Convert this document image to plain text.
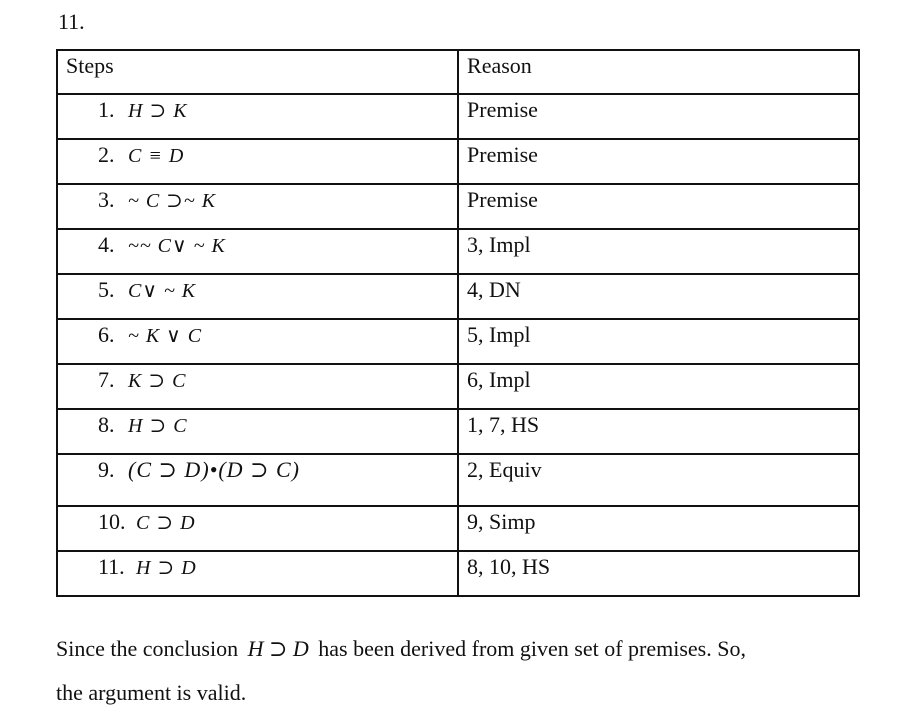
11.
Steps	Reason
1. H ⊃ K	Premise
2. C ≡ D	Premise
3. ~ C ⊃~ K	Premise
4. ~~ C∨ ~ K	3, Impl
5. C∨ ~ K	4, DN
6. ~ K ∨ C	5, Impl
7. K ⊃ C	6, Impl
8. H ⊃ C	1, 7, HS
9. (C ⊃ D)•(D ⊃ C)	2, Equiv
10. C ⊃ D	9, Simp
11. H ⊃ D	8, 10, HS

Since the conclusion H ⊃ D has been derived from given set of premises. So,
the argument is valid.
